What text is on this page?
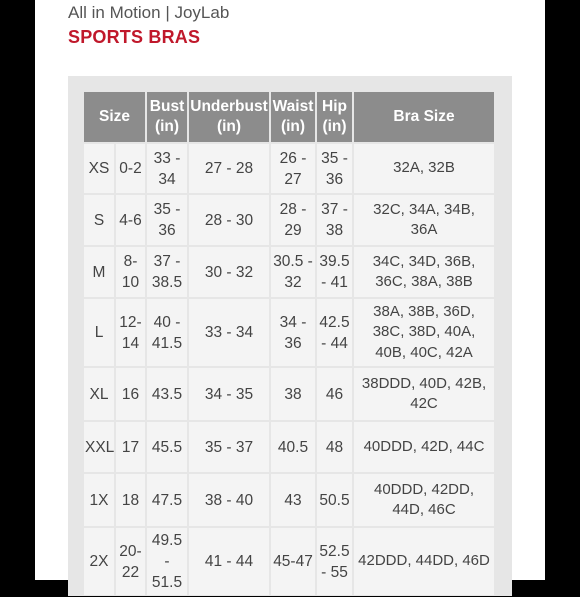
All in Motion | JoyLab
SPORTS BRAS
Size		Bust (in)	Underbust (in)	Waist (in)	Hip (in)	Bra Size
XS	0-2	33 - 34	27 - 28	26 - 27	35 - 36	32A, 32B
S	4-6	35 - 36	28 - 30	28 - 29	37 - 38	32C, 34A, 34B, 36A
M	8-10	37 - 38.5	30 - 32	30.5 - 32	39.5 - 41	34C, 34D, 36B, 36C, 38A, 38B
L	12-14	40 - 41.5	33 - 34	34 - 36	42.5 - 44	38A, 38B, 36D, 38C, 38D, 40A, 40B, 40C, 42A
XL	16	43.5	34 - 35	38	46	38DDD, 40D, 42B, 42C
XXL	17	45.5	35 - 37	40.5	48	40DDD, 42D, 44C
1X	18	47.5	38 - 40	43	50.5	40DDD, 42DD, 44D, 46C
2X	20-22	49.5 - 51.5	41 - 44	45-47	52.5 - 55	42DDD, 44DD, 46D
